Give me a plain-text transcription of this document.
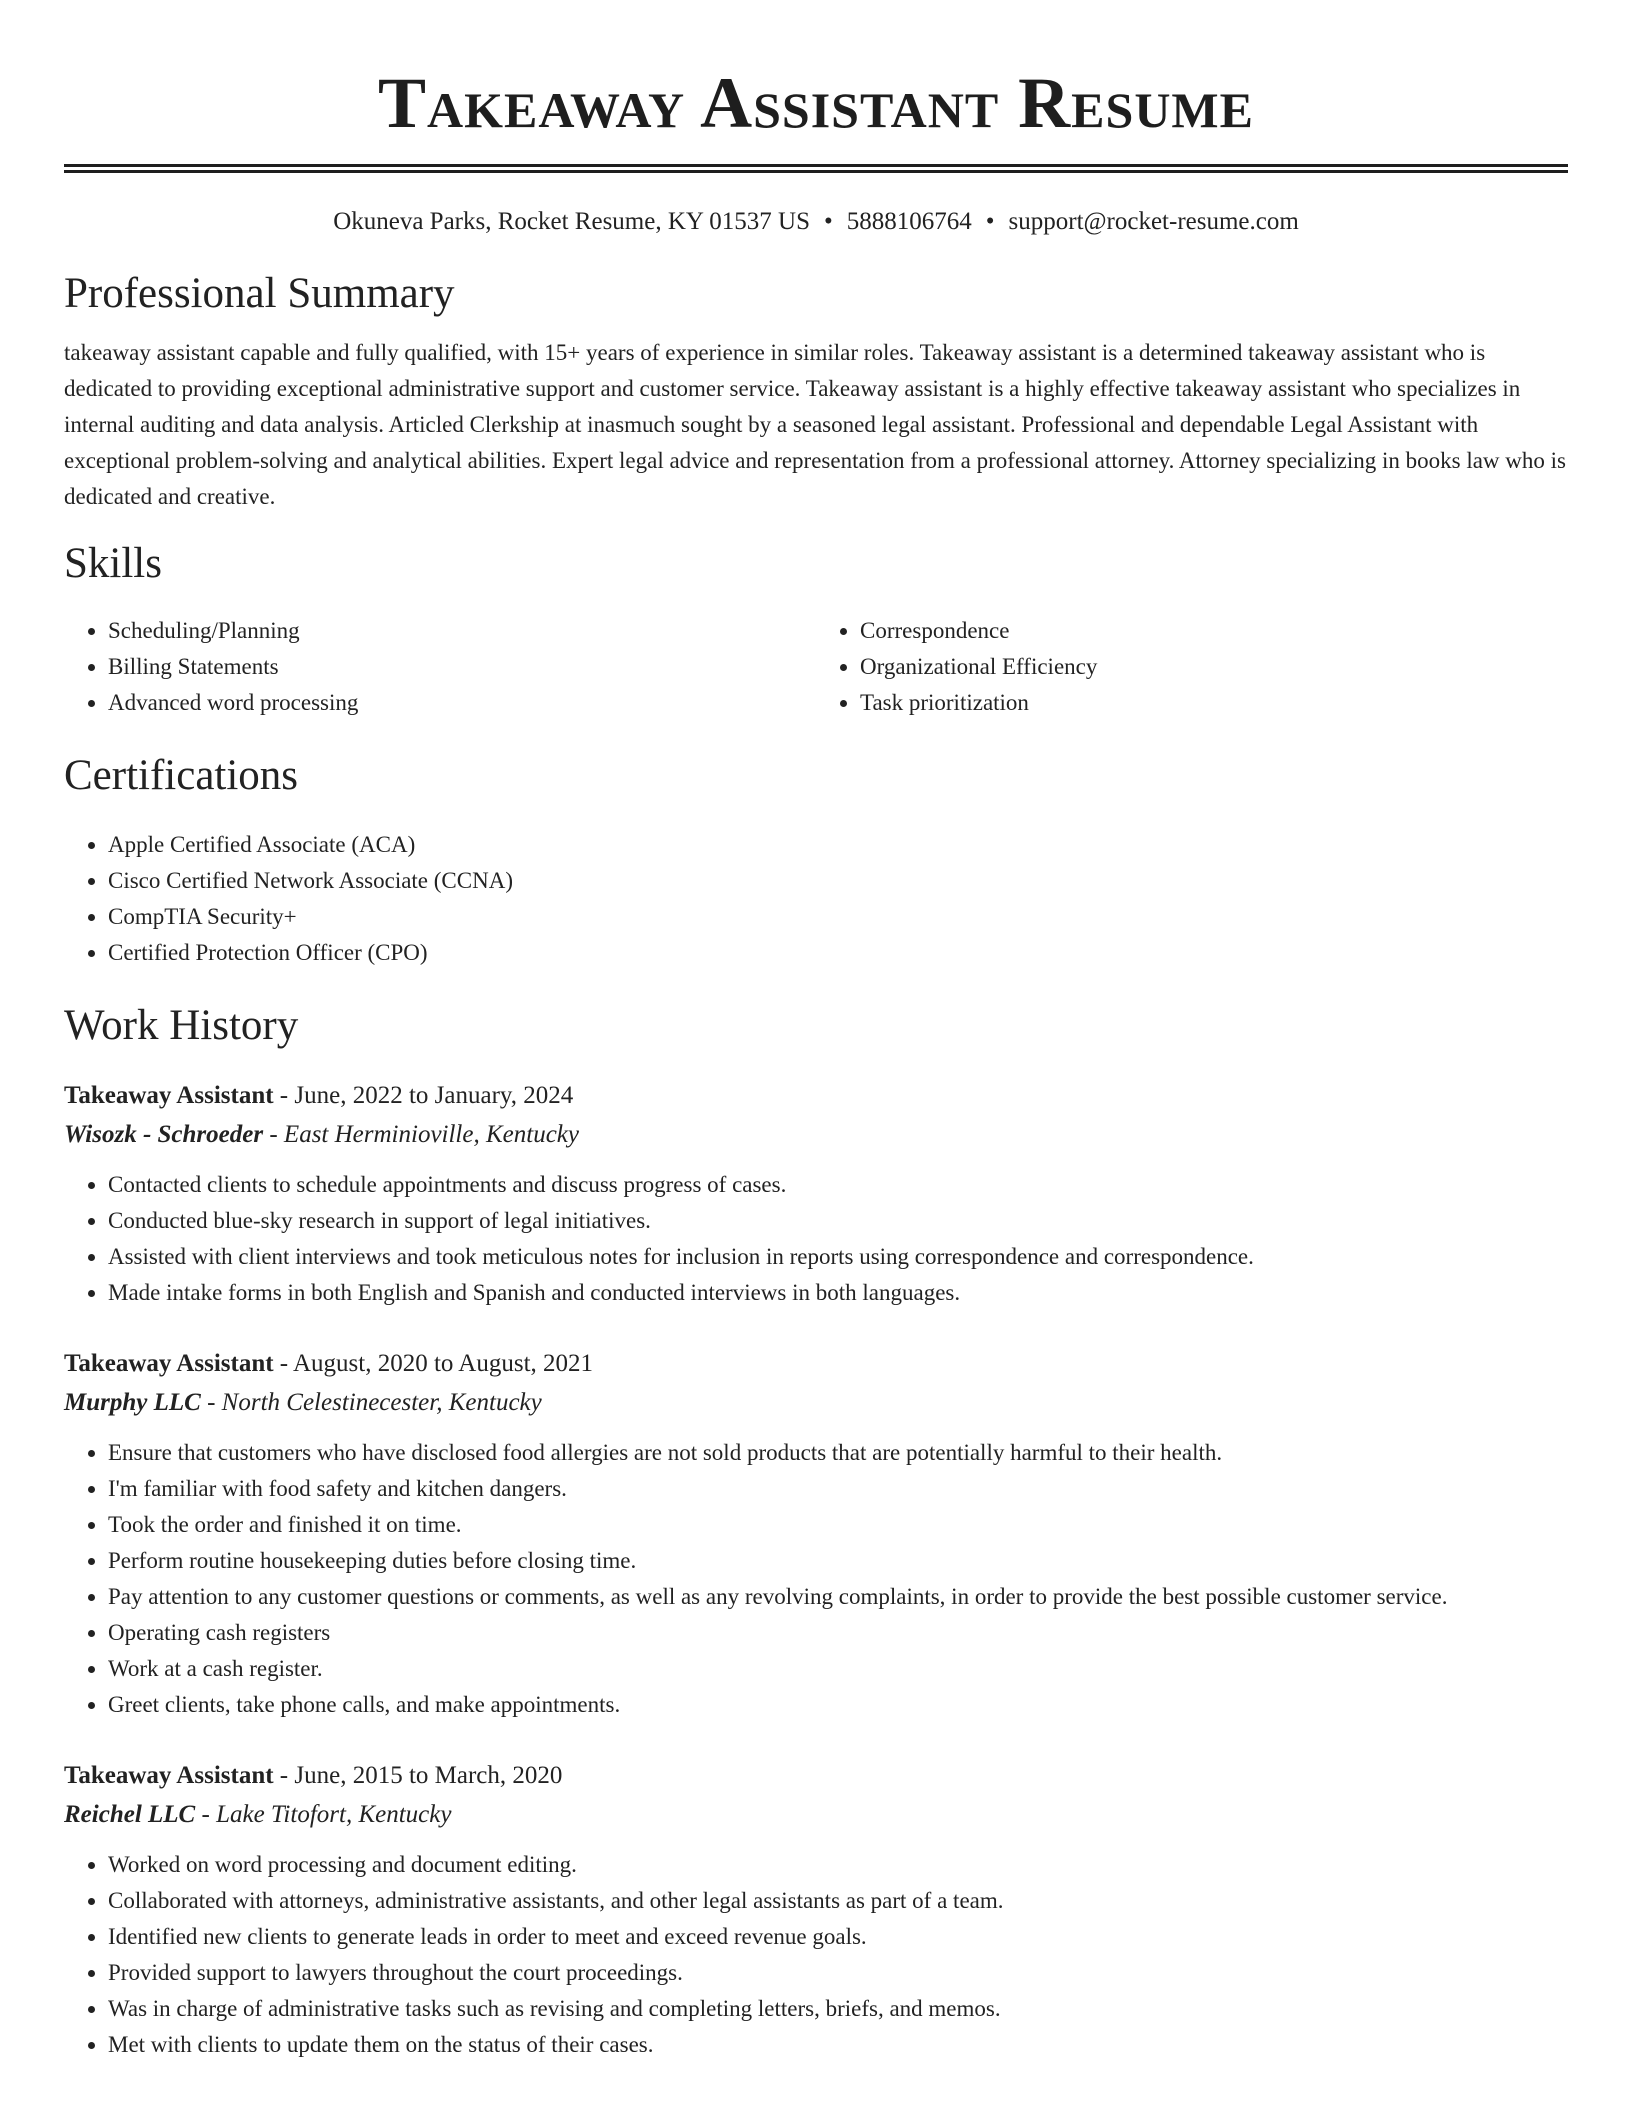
Takeaway Assistant Resume
Okuneva Parks, Rocket Resume, KY 01537 US • 5888106764 • support@rocket-resume.com
Professional Summary

takeaway assistant capable and fully qualified, with 15+ years of experience in similar roles. Takeaway assistant is a determined takeaway assistant who is dedicated to providing exceptional administrative support and customer service. Takeaway assistant is a highly effective takeaway assistant who specializes in internal auditing and data analysis. Articled Clerkship at inasmuch sought by a seasoned legal assistant. Professional and dependable Legal Assistant with exceptional problem-solving and analytical abilities. Expert legal advice and representation from a professional attorney. Attorney specializing in books law who is dedicated and creative.

Skills
• Scheduling/Planning
• Billing Statements
• Advanced word processing
• Correspondence
• Organizational Efficiency
• Task prioritization
Certifications
• Apple Certified Associate (ACA)
• Cisco Certified Network Associate (CCNA)
• CompTIA Security+
• Certified Protection Officer (CPO)
Work History
Takeaway Assistant - June, 2022 to January, 2024
Wisozk - Schroeder - East Herminioville, Kentucky
• Contacted clients to schedule appointments and discuss progress of cases.
• Conducted blue-sky research in support of legal initiatives.
• Assisted with client interviews and took meticulous notes for inclusion in reports using correspondence and correspondence.
• Made intake forms in both English and Spanish and conducted interviews in both languages.
Takeaway Assistant - August, 2020 to August, 2021
Murphy LLC - North Celestinecester, Kentucky
• Ensure that customers who have disclosed food allergies are not sold products that are potentially harmful to their health.
• I'm familiar with food safety and kitchen dangers.
• Took the order and finished it on time.
• Perform routine housekeeping duties before closing time.
• Pay attention to any customer questions or comments, as well as any revolving complaints, in order to provide the best possible customer service.
• Operating cash registers
• Work at a cash register.
• Greet clients, take phone calls, and make appointments.
Takeaway Assistant - June, 2015 to March, 2020
Reichel LLC - Lake Titofort, Kentucky
• Worked on word processing and document editing.
• Collaborated with attorneys, administrative assistants, and other legal assistants as part of a team.
• Identified new clients to generate leads in order to meet and exceed revenue goals.
• Provided support to lawyers throughout the court proceedings.
• Was in charge of administrative tasks such as revising and completing letters, briefs, and memos.
• Met with clients to update them on the status of their cases.
